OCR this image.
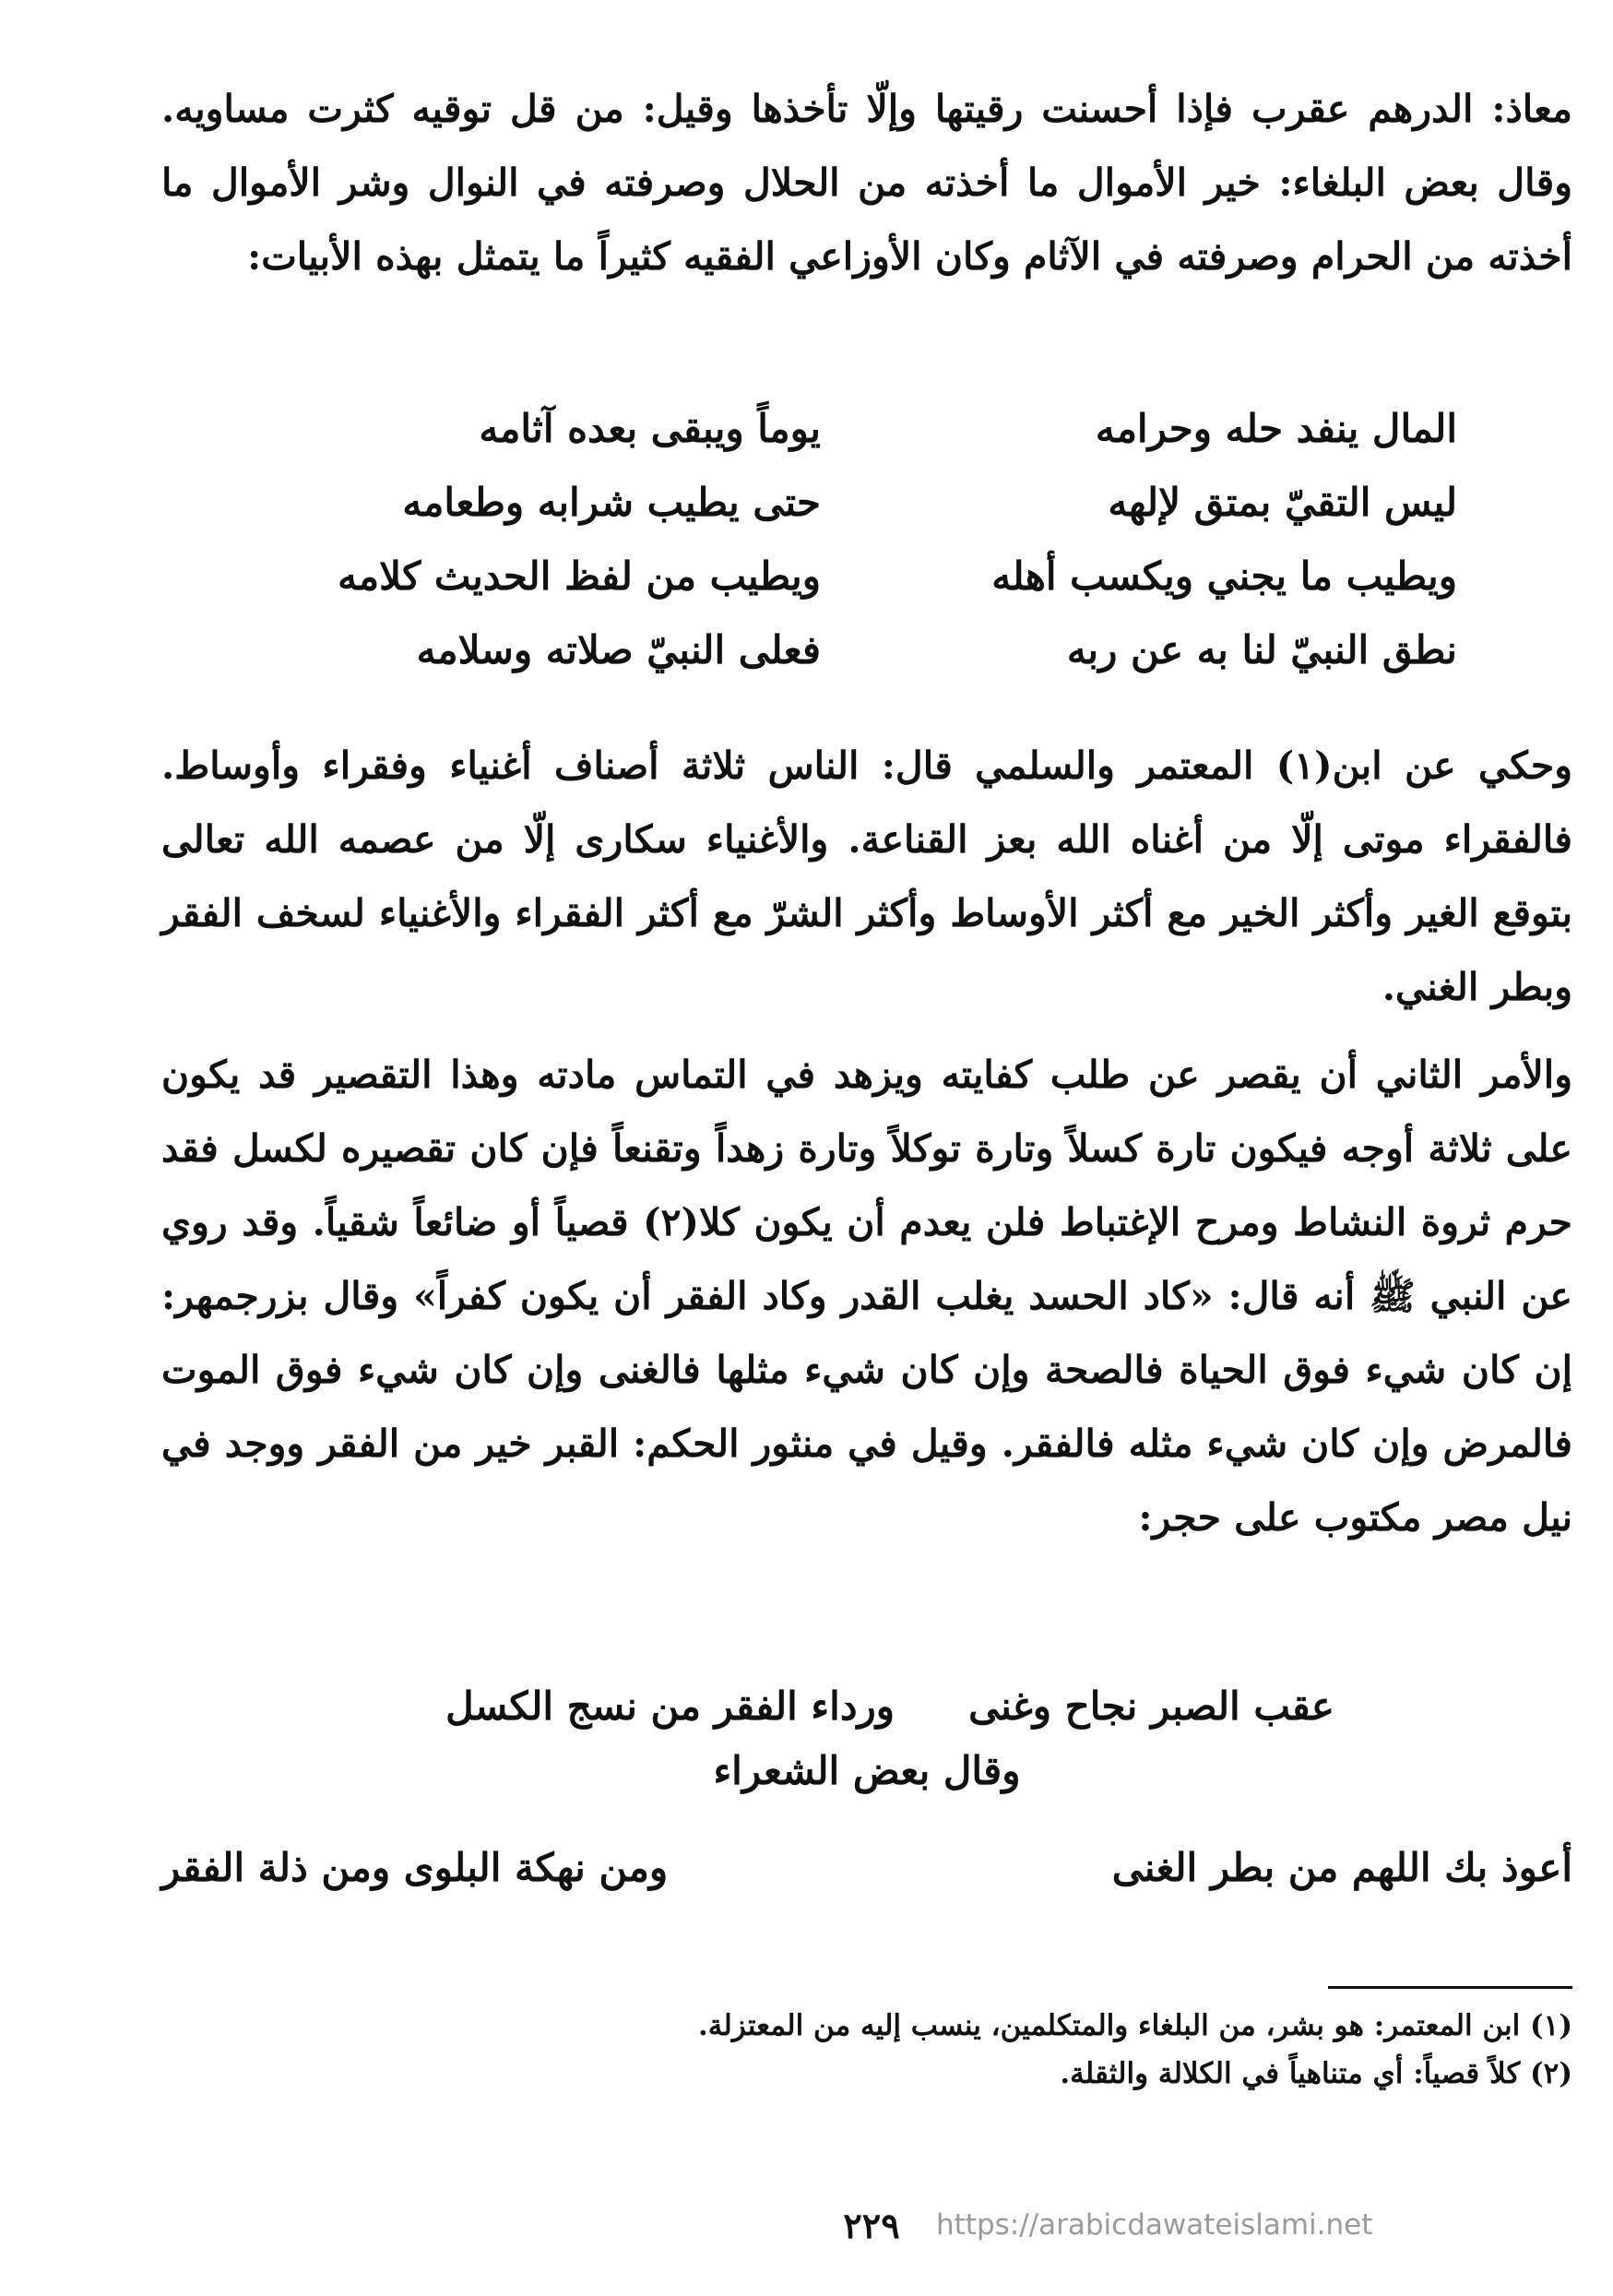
معاذ: الدرهم عقرب فإذا أحسنت رقيتها وإلّا تأخذها وقيل: من قل توقيه كثرت مساويه. وقال بعض البلغاء: خير الأموال ما أخذته من الحلال وصرفته في النوال وشر الأموال ما أخذته من الحرام وصرفته في الآثام وكان الأوزاعي الفقيه كثيراً ما يتمثل بهذه الأبيات:
المال ينفد حله وحرامه
يوماً ويبقى بعده آثامه
ليس التقيّ بمتق لإلهه
حتى يطيب شرابه وطعامه
ويطيب ما يجني ويكسب أهله
ويطيب من لفظ الحديث كلامه
نطق النبيّ لنا به عن ربه
فعلى النبيّ صلاته وسلامه
وحكي عن ابن(١) المعتمر والسلمي قال: الناس ثلاثة أصناف أغنياء وفقراء وأوساط. فالفقراء موتى إلّا من أغناه الله بعز القناعة. والأغنياء سكارى إلّا من عصمه الله تعالى بتوقع الغير وأكثر الخير مع أكثر الأوساط وأكثر الشرّ مع أكثر الفقراء والأغنياء لسخف الفقر وبطر الغني.
والأمر الثاني أن يقصر عن طلب كفايته ويزهد في التماس مادته وهذا التقصير قد يكون على ثلاثة أوجه فيكون تارة كسلاً وتارة توكلاً وتارة زهداً وتقنعاً فإن كان تقصيره لكسل فقد حرم ثروة النشاط ومرح الإغتباط فلن يعدم أن يكون كلا(٢) قصياً أو ضائعاً شقياً. وقد روي عن النبي ﷺ أنه قال: «كاد الحسد يغلب القدر وكاد الفقر أن يكون كفراً» وقال بزرجمهر: إن كان شيء فوق الحياة فالصحة وإن كان شيء مثلها فالغنى وإن كان شيء فوق الموت فالمرض وإن كان شيء مثله فالفقر. وقيل في منثور الحكم: القبر خير من الفقر ووجد في نيل مصر مكتوب على حجر:
عقب الصبر نجاح وغنى
ورداء الفقر من نسج الكسل
وقال بعض الشعراء
أعوذ بك اللهم من بطر الغنى
ومن نهكة البلوى ومن ذلة الفقر
(١) ابن المعتمر: هو بشر، من البلغاء والمتكلمين، ينسب إليه من المعتزلة.
(٢) كلاً قصياً: أي متناهياً في الكلالة والثقلة.
٢٢٩	https://arabicdawateislami.net
